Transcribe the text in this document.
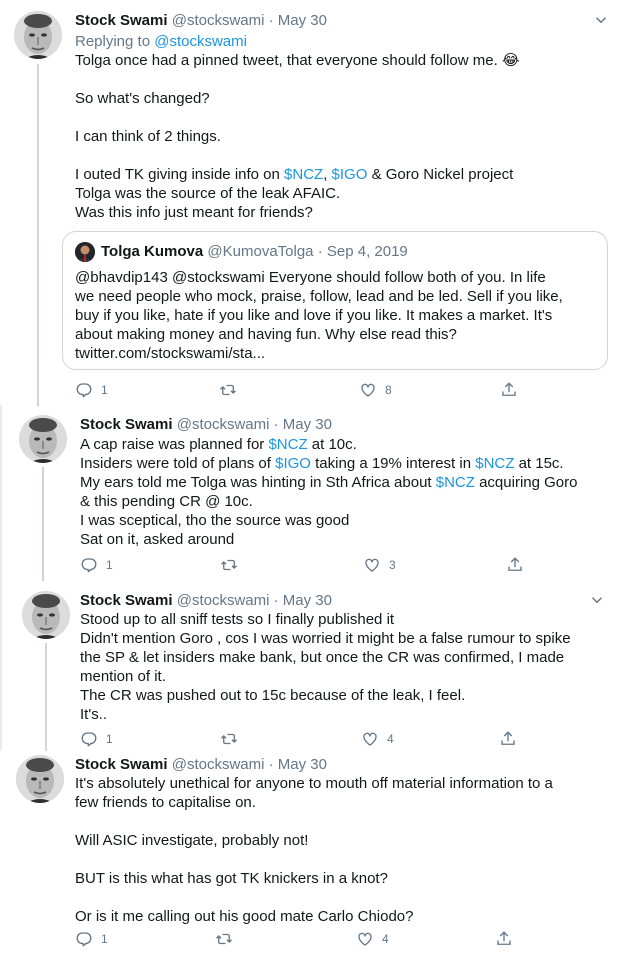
Stock Swami @stockswami · May 30
Replying to @stockswami
Tolga once had a pinned tweet, that everyone should follow me. 😂
So what's changed?
I can think of 2 things.
I outed TK giving inside info on $NCZ, $IGO & Goro Nickel project
Tolga was the source of the leak AFAIC.
Was this info just meant for friends?
Tolga Kumova @KumovaTolga · Sep 4, 2019
@bhavdip143 @stockswami Everyone should follow both of you. In life
we need people who mock, praise, follow, lead and be led. Sell if you like,
buy if you like, hate if you like and love if you like. It makes a market. It's
about making money and having fun. Why else read this?
twitter.com/stockswami/sta...
1	8
Stock Swami @stockswami · May 30
A cap raise was planned for $NCZ at 10c.
Insiders were told of plans of $IGO taking a 19% interest in $NCZ at 15c.
My ears told me Tolga was hinting in Sth Africa about $NCZ acquiring Goro
& this pending CR @ 10c.
I was sceptical, tho the source was good
Sat on it, asked around
1	3
Stock Swami @stockswami · May 30
Stood up to all sniff tests so I finally published it
Didn't mention Goro , cos I was worried it might be a false rumour to spike
the SP & let insiders make bank, but once the CR was confirmed, I made
mention of it.
The CR was pushed out to 15c because of the leak, I feel.
It's..
1	4
Stock Swami @stockswami · May 30
It's absolutely unethical for anyone to mouth off material information to a
few friends to capitalise on.
Will ASIC investigate, probably not!
BUT is this what has got TK knickers in a knot?
Or is it me calling out his good mate Carlo Chiodo?
1	4
